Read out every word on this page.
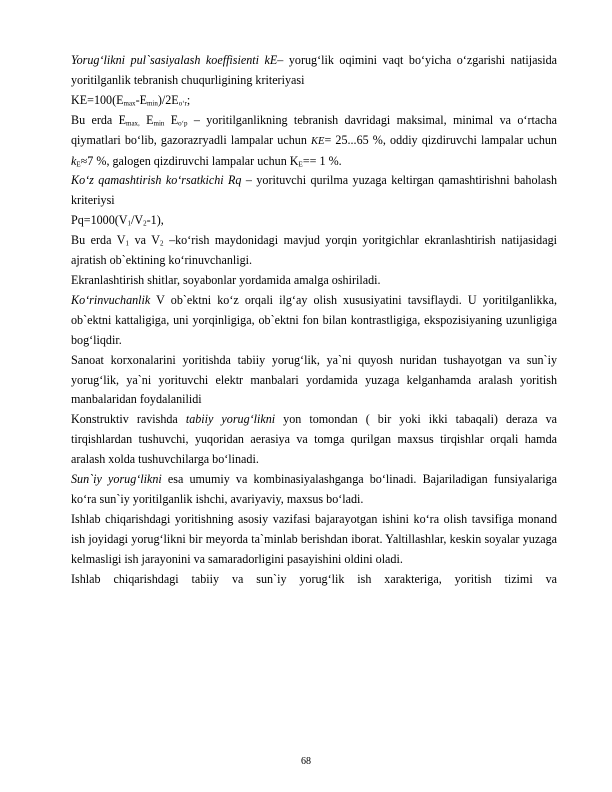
Yorug‘likni pul`sasiyalash koeffisienti kE– yorug‘lik oqimini vaqt bo‘yicha o‘zgarishi natijasida yoritilganlik tebranish chuqurligining kriteriyasi

$KE=100(E_{max}-E_{min})/2E_{o‘r}$;

Bu erda $E_{max,}$ $E_{min}$ $E_{o‘p}$ – yoritilganlikning tebranish davridagi maksimal, minimal va o‘rtacha qiymatlari bo‘lib, gazorazryadli lampalar uchun KE= 25...65 %, oddiy qizdiruvchi lampalar uchun $k_E\approx 7$ %, galogen qizdiruvchi lampalar uchun $K_E== 1$ %.

Ko‘z qamashtirish ko‘rsatkichi Rq – yorituvchi qurilma yuzaga keltirgan qamashtirishni baholash kriteriysi

$Pq=1000(V_1/V_2-1)$,

Bu erda $V_1$ va $V_2$ –ko‘rish maydonidagi mavjud yorqin yoritgichlar ekranlashtirish natijasidagi ajratish ob`ektining ko‘rinuvchanligi.

Ekranlashtirish shitlar, soyabonlar yordamida amalga oshiriladi.

Ko‘rinvuchanlik V ob`ektni ko‘z orqali ilg‘ay olish xususiyatini tavsiflaydi. U yoritilganlikka, ob`ektni kattaligiga, uni yorqinligiga, ob`ektni fon bilan kontrastligiga, ekspozisiyaning uzunligiga bog‘liqdir.

Sanoat korxonalarini yoritishda tabiiy yorug‘lik, ya`ni quyosh nuridan tushayotgan va sun`iy yorug‘lik, ya`ni yorituvchi elektr manbalari yordamida yuzaga kelganhamda aralash yoritish manbalaridan foydalanilidi

Konstruktiv ravishda tabiiy yorug‘likni yon tomondan ( bir yoki ikki tabaqali) deraza va tirqishlardan tushuvchi, yuqoridan aerasiya va tomga qurilgan maxsus tirqishlar orqali hamda aralash xolda tushuvchilarga bo‘linadi.

Sun`iy yorug‘likni esa umumiy va kombinasiyalashganga bo‘linadi. Bajariladigan funsiyalariga ko‘ra sun`iy yoritilganlik ishchi, avariyaviy, maxsus bo‘ladi.

Ishlab chiqarishdagi yoritishning asosiy vazifasi bajarayotgan ishini ko‘ra olish tavsifiga monand ish joyidagi yorug‘likni bir meyorda ta`minlab berishdan iborat. Yaltillashlar, keskin soyalar yuzaga kelmasligi ish jarayonini va samaradorligini pasayishini oldini oladi.

Ishlab chiqarishdagi tabiiy va sun`iy yorug‘lik ish xarakteriga, yoritish tizimi va

68
